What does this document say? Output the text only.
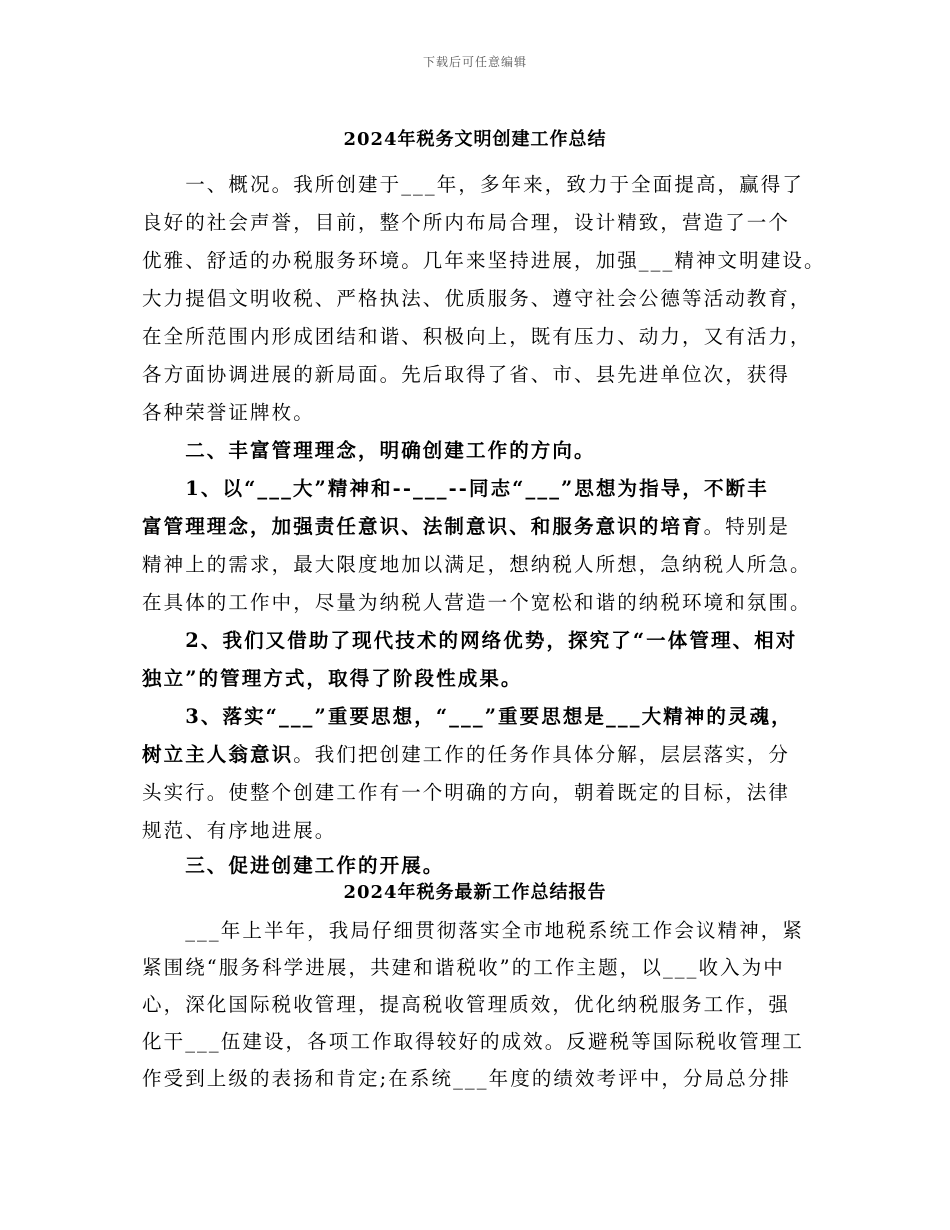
下载后可任意编辑
2024年税务文明创建工作总结
　　一、概况。我所创建于___年，多年来，致力于全面提高，赢得了
良好的社会声誉，目前，整个所内布局合理，设计精致，营造了一个
优雅、舒适的办税服务环境。几年来坚持进展，加强___精神文明建设。
大力提倡文明收税、严格执法、优质服务、遵守社会公德等活动教育，
在全所范围内形成团结和谐、积极向上，既有压力、动力，又有活力，
各方面协调进展的新局面。先后取得了省、市、县先进单位次，获得
各种荣誉证牌枚。
　　二、丰富管理理念，明确创建工作的方向。
　　1、以“___大”精神和--___--同志“___”思想为指导，不断丰
富管理理念，加强责任意识、法制意识、和服务意识的培育。特别是
精神上的需求，最大限度地加以满足，想纳税人所想，急纳税人所急。
在具体的工作中，尽量为纳税人营造一个宽松和谐的纳税环境和氛围。
　　2、我们又借助了现代技术的网络优势，探究了“一体管理、相对
独立”的管理方式，取得了阶段性成果。
　　3、落实“___”重要思想，“___”重要思想是___大精神的灵魂，
树立主人翁意识。我们把创建工作的任务作具体分解，层层落实，分
头实行。使整个创建工作有一个明确的方向，朝着既定的目标，法律
规范、有序地进展。
　　三、促进创建工作的开展。
2024年税务最新工作总结报告
　　___年上半年，我局仔细贯彻落实全市地税系统工作会议精神，紧
紧围绕“服务科学进展，共建和谐税收”的工作主题，以___收入为中
心，深化国际税收管理，提高税收管理质效，优化纳税服务工作，强
化干___伍建设，各项工作取得较好的成效。反避税等国际税收管理工
作受到上级的表扬和肯定;在系统___年度的绩效考评中，分局总分排
